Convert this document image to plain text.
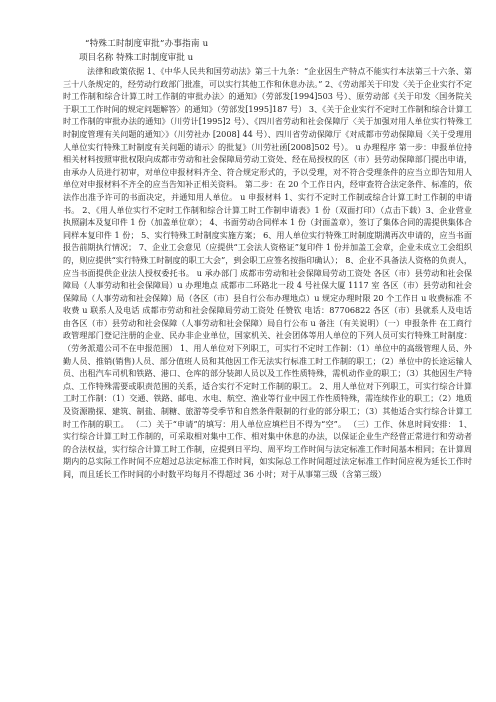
“特殊工时制度审批”办事指南 u
项目名称 特殊工时制度审批 u

法律和政策依据 1、《中华人民共和国劳动法》第三十九条：“企业因生产特点不能实行本法第三十六条、第三十八条规定的，经劳动行政部门批准，可以实行其他工作和休息办法。” 2、《劳动部关于印发〈关于企业实行不定时工作制和综合计算工时工作制的审批办法〉的通知》（劳部发[1994]503 号）、原劳动部《关于印发〈国务院关于职工工作时间的规定问题解答〉的通知》（劳部发[1995]187 号） 3、《关于企业实行不定时工作制和综合计算工时工作制的审批办法的通知》（川劳计[1995]2 号）、《四川省劳动和社会保障厅〈关于加强对用人单位实行特殊工时制度管理有关问题的通知〉》（川劳社办 [2008] 44 号）、四川省劳动保障厅《对成都市劳动保障局〈关于受理用人单位实行特殊工时制度有关问题的请示〉的批复》（川劳社函[2008]502 号）。 u 办理程序 第一步：申报单位持相关材料按照审批权限向成都市劳动和社会保障局劳动工资处、经在局授权的区（市）县劳动保障部门提出申请，由承办人员进行初审，对单位申报材料齐全、符合规定形式的，予以受理，对不符合受理条件的应当立即告知用人单位对申报材料不齐全的应当告知补正相关资料。 第二步：在 20 个工作日内，经审查符合法定条件、标准的，依法作出准予许可的书面决定，并通知用人单位。 u 申报材料 1、实行不定时工作制或综合计算工时工作制的申请书。 2、《用人单位实行不定时工作制和综合计算工时工作制申请表》1 份（双面打印）（点击下载）3、企业营业执照副本及复印件 1 份（加盖单位章）； 4、书面劳动合同样本 1 份（封面盖章），签订了集体合同的需提供集体合同样本复印件 1 份； 5、实行特殊工时制度实施方案； 6、用人单位实行特殊工时制度期满再次申请的，应当书面报告前期执行情况； 7、企业工会意见（应提供“工会法人资格证”复印件 1 份并加盖工会章，企业未成立工会组织的，则应提供“实行特殊工时制度的职工大会”，到会职工应签名按指印确认）； 8、企业不具备法人资格的负责人，应当书面提供企业法人授权委托书。 u 承办部门 成都市劳动和社会保障局劳动工资处 各区（市）县劳动和社会保障局（人事劳动和社会保障局）u 办理地点 成都市二环路北一段 4 号社保大厦 1117 室 各区（市）县劳动和社会保障局（人事劳动和社会保障）局（各区（市）县自行公布办理地点）u 规定办理时限 20 个工作日 u 收费标准 不收费 u 联系人及电话 成都市劳动和社会保障局劳动工资处 任赞钦 电话：87706822 各区（市）县就系人及电话由各区（市）县劳动和社会保障（人事劳动和社会保障）局自行公布 u 备注（有关说明）（一）申报条件 在工商行政管理部门登记注册的企业、民办非企业单位，国家机关、社会团体等用人单位的下列人员可实行特殊工时制度：（劳务派遣公司不在申报范围） 1、用人单位对下列职工，可实行不定时工作制：（1）单位中的高级管理人员、外勤人员、推销(销售)人员、部分值班人员和其他因工作无法实行标准工时工作制的职工；（2）单位中的长途运输人员、出租汽车司机和铁路、港口、仓库的部分装卸人员以及工作性质特殊，需机动作业的职工；（3）其他因生产特点、工作特殊需要或职责范围的关系，适合实行不定时工作制的职工。 2、用人单位对下列职工，可实行综合计算工时工作制：（1）交通、铁路、邮电、水电、航空、渔业等行业中因工作性质特殊，需连续作业的职工；（2）地质及资源勘探、建筑、制盐、制糖、旅游等受季节和自然条件限制的行业的部分职工；（3）其他适合实行综合计算工时工作制的职工。 （二）关于“申请”的填写：用人单位应填栏目不得为“空”。 （三）工作、休息时间安排： 1、实行综合计算工时工作制的，可采取相对集中工作、相对集中休息的办法，以保证企业生产经营正常进行和劳动者的合法权益，实行综合计算工时工作制，应提到日平均、周平均工作时间与法定标准工作时间基本相同；在计算周期内的总实际工作时间不应超过总法定标准工作时间，如实际总工作时间超过法定标准工作时间应视为延长工作时间，而且延长工作时间的小时数平均每月不得超过 36 小时；对于从事第三级（含第三级）
